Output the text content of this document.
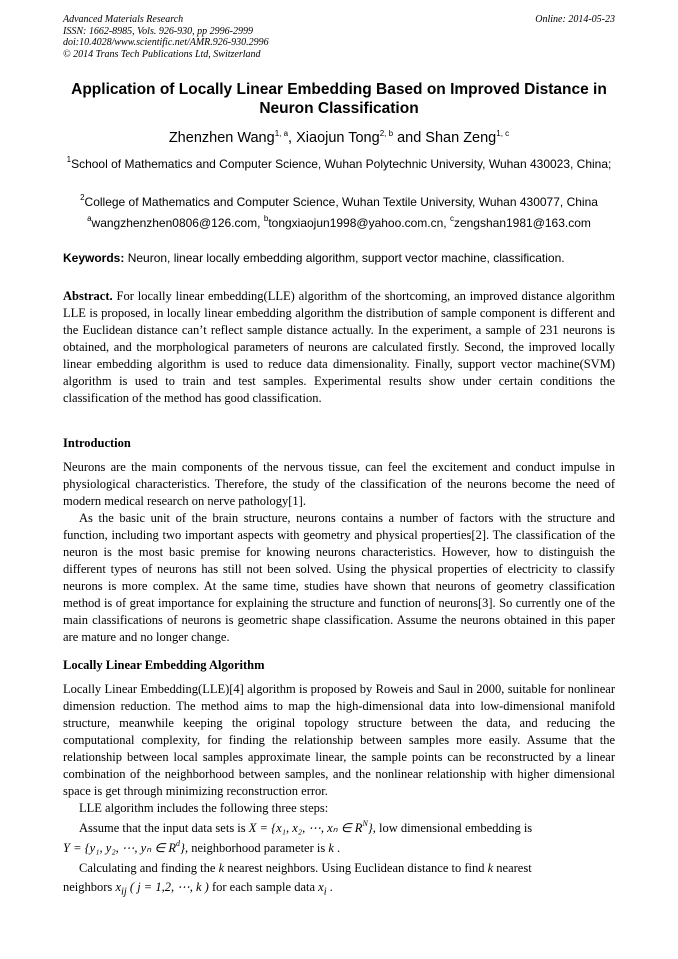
Advanced Materials Research
ISSN: 1662-8985, Vols. 926-930, pp 2996-2999
doi:10.4028/www.scientific.net/AMR.926-930.2996
© 2014 Trans Tech Publications Ltd, Switzerland
Online: 2014-05-23
Application of Locally Linear Embedding Based on Improved Distance in Neuron Classification
Zhenzhen Wang$^{1, a}$, Xiaojun Tong$^{2, b}$ and Shan Zeng$^{1, c}$
$^1$School of Mathematics and Computer Science, Wuhan Polytechnic University, Wuhan 430023, China;
$^2$College of Mathematics and Computer Science, Wuhan Textile University, Wuhan 430077, China
$^a$wangzhenzhen0806@126.com, $^b$tongxiaojun1998@yahoo.com.cn, $^c$zengshan1981@163.com
Keywords: Neuron, linear locally embedding algorithm, support vector machine, classification.

Abstract. For locally linear embedding(LLE) algorithm of the shortcoming, an improved distance algorithm LLE is proposed, in locally linear embedding algorithm the distribution of sample component is different and the Euclidean distance can’t reflect sample distance actually. In the experiment, a sample of 231 neurons is obtained, and the morphological parameters of neurons are calculated firstly. Second, the improved locally linear embedding algorithm is used to reduce data dimensionality. Finally, support vector machine(SVM) algorithm is used to train and test samples. Experimental results show under certain conditions the classification of the method has good classification.

Introduction

Neurons are the main components of the nervous tissue, can feel the excitement and conduct impulse in physiological characteristics. Therefore, the study of the classification of the neurons become the need of modern medical research on nerve pathology[1].

As the basic unit of the brain structure, neurons contains a number of factors with the structure and function, including two important aspects with geometry and physical properties[2]. The classification of the neuron is the most basic premise for knowing neurons characteristics. However, how to distinguish the different types of neurons has still not been solved. Using the physical properties of electricity to classify neurons is more complex. At the same time, studies have shown that neurons of geometry classification method is of great importance for explaining the structure and function of neurons[3]. So currently one of the main classifications of neurons is geometric shape classification. Assume the neurons obtained in this paper are mature and no longer change.

Locally Linear Embedding Algorithm

Locally Linear Embedding(LLE)[4] algorithm is proposed by Roweis and Saul in 2000, suitable for nonlinear dimension reduction. The method aims to map the high-dimensional data into low-dimensional manifold structure, meanwhile keeping the original topology structure between the data, and reducing the computational complexity, for finding the relationship between samples more easily. Assume that the relationship between local samples approximate linear, the sample points can be reconstructed by a linear combination of the neighborhood between samples, and the nonlinear relationship with higher dimensional space is get through minimizing reconstruction error.

LLE algorithm includes the following three steps:

Assume that the input data sets is X = {x₁, x₂, ⋯, xₙ ∈ $R^N$}, low dimensional embedding is

Y = {y₁, y₂, ⋯, yₙ ∈ $R^d$}, neighborhood parameter is k .

Calculating and finding the k nearest neighbors. Using Euclidean distance to find k nearest

neighbors $x_{ij}$ ( j = 1,2, ⋯, k ) for each sample data $x_i$ .
